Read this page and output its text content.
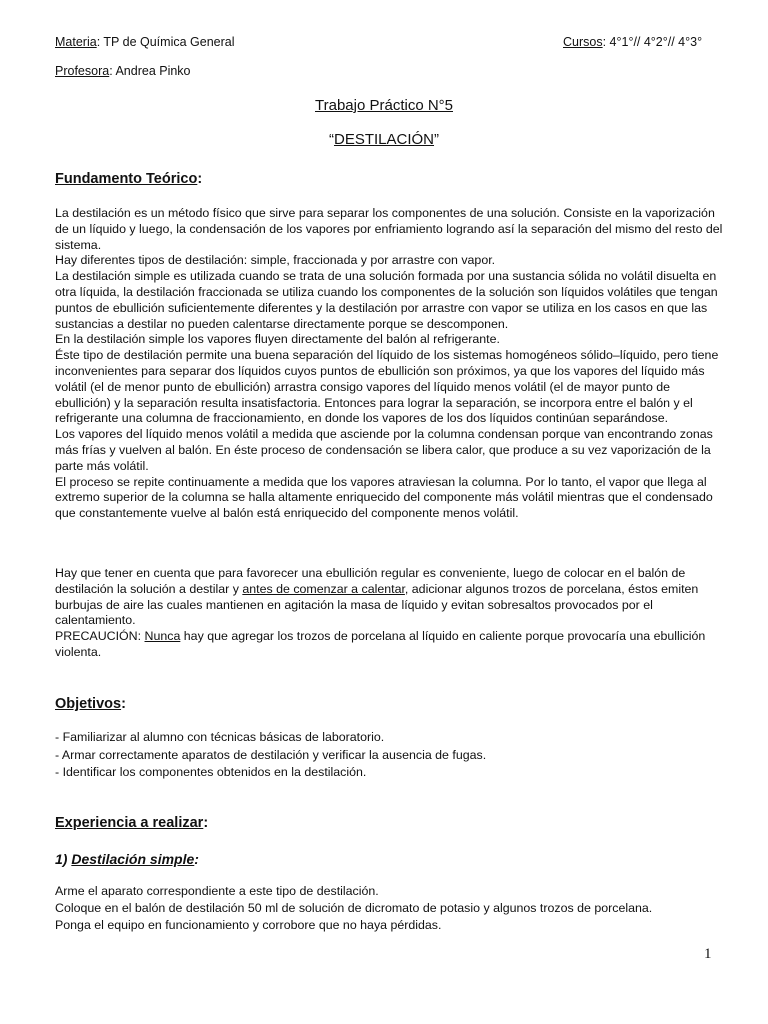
Materia: TP de Química General	Cursos: 4°1°// 4°2°// 4°3°
Profesora: Andrea Pinko
Trabajo Práctico N°5
“DESTILACIÓN”
Fundamento Teórico:

La destilación es un método físico que sirve para separar los componentes de una solución. Consiste en la vaporización de un líquido y luego, la condensación de los vapores por enfriamiento logrando así la separación del mismo del resto del sistema.

Hay diferentes tipos de destilación: simple, fraccionada y por arrastre con vapor.

La destilación simple es utilizada cuando se trata de una solución formada por una sustancia sólida no volátil disuelta en otra líquida, la destilación fraccionada se utiliza cuando los componentes de la solución son líquidos volátiles que tengan puntos de ebullición suficientemente diferentes y la destilación por arrastre con vapor se utiliza en los casos en que las sustancias a destilar no pueden calentarse directamente porque se descomponen.

En la destilación simple los vapores fluyen directamente del balón al refrigerante.

Éste tipo de destilación permite una buena separación del líquido de los sistemas homogéneos sólido–líquido, pero tiene inconvenientes para separar dos líquidos cuyos puntos de ebullición son próximos, ya que los vapores del líquido más volátil (el de menor punto de ebullición) arrastra consigo vapores del líquido menos volátil (el de mayor punto de ebullición) y la separación resulta insatisfactoria. Entonces para lograr la separación, se incorpora entre el balón y el refrigerante una columna de fraccionamiento, en donde los vapores de los dos líquidos continúan separándose.

Los vapores del líquido menos volátil a medida que asciende por la columna condensan porque van encontrando zonas más frías y vuelven al balón. En éste proceso de condensación se libera calor, que produce a su vez vaporización de la parte más volátil.

El proceso se repite continuamente a medida que los vapores atraviesan la columna. Por lo tanto, el vapor que llega al extremo superior de la columna se halla altamente enriquecido del componente más volátil mientras que el condensado que constantemente vuelve al balón está enriquecido del componente menos volátil.

Hay que tener en cuenta que para favorecer una ebullición regular es conveniente, luego de colocar en el balón de destilación la solución a destilar y antes de comenzar a calentar, adicionar algunos trozos de porcelana, éstos emiten burbujas de aire las cuales mantienen en agitación la masa de líquido y evitan sobresaltos provocados por el calentamiento.

PRECAUCIÓN: Nunca hay que agregar los trozos de porcelana al líquido en caliente porque provocaría una ebullición violenta.

Objetivos:
- Familiarizar al alumno con técnicas básicas de laboratorio.
- Armar correctamente aparatos de destilación y verificar la ausencia de fugas.
- Identificar los componentes obtenidos en la destilación.
Experiencia a realizar:
1) Destilación simple:
Arme el aparato correspondiente a este tipo de destilación.
Coloque en el balón de destilación 50 ml de solución de dicromato de potasio y algunos trozos de porcelana.
Ponga el equipo en funcionamiento y corrobore que no haya pérdidas.
1
